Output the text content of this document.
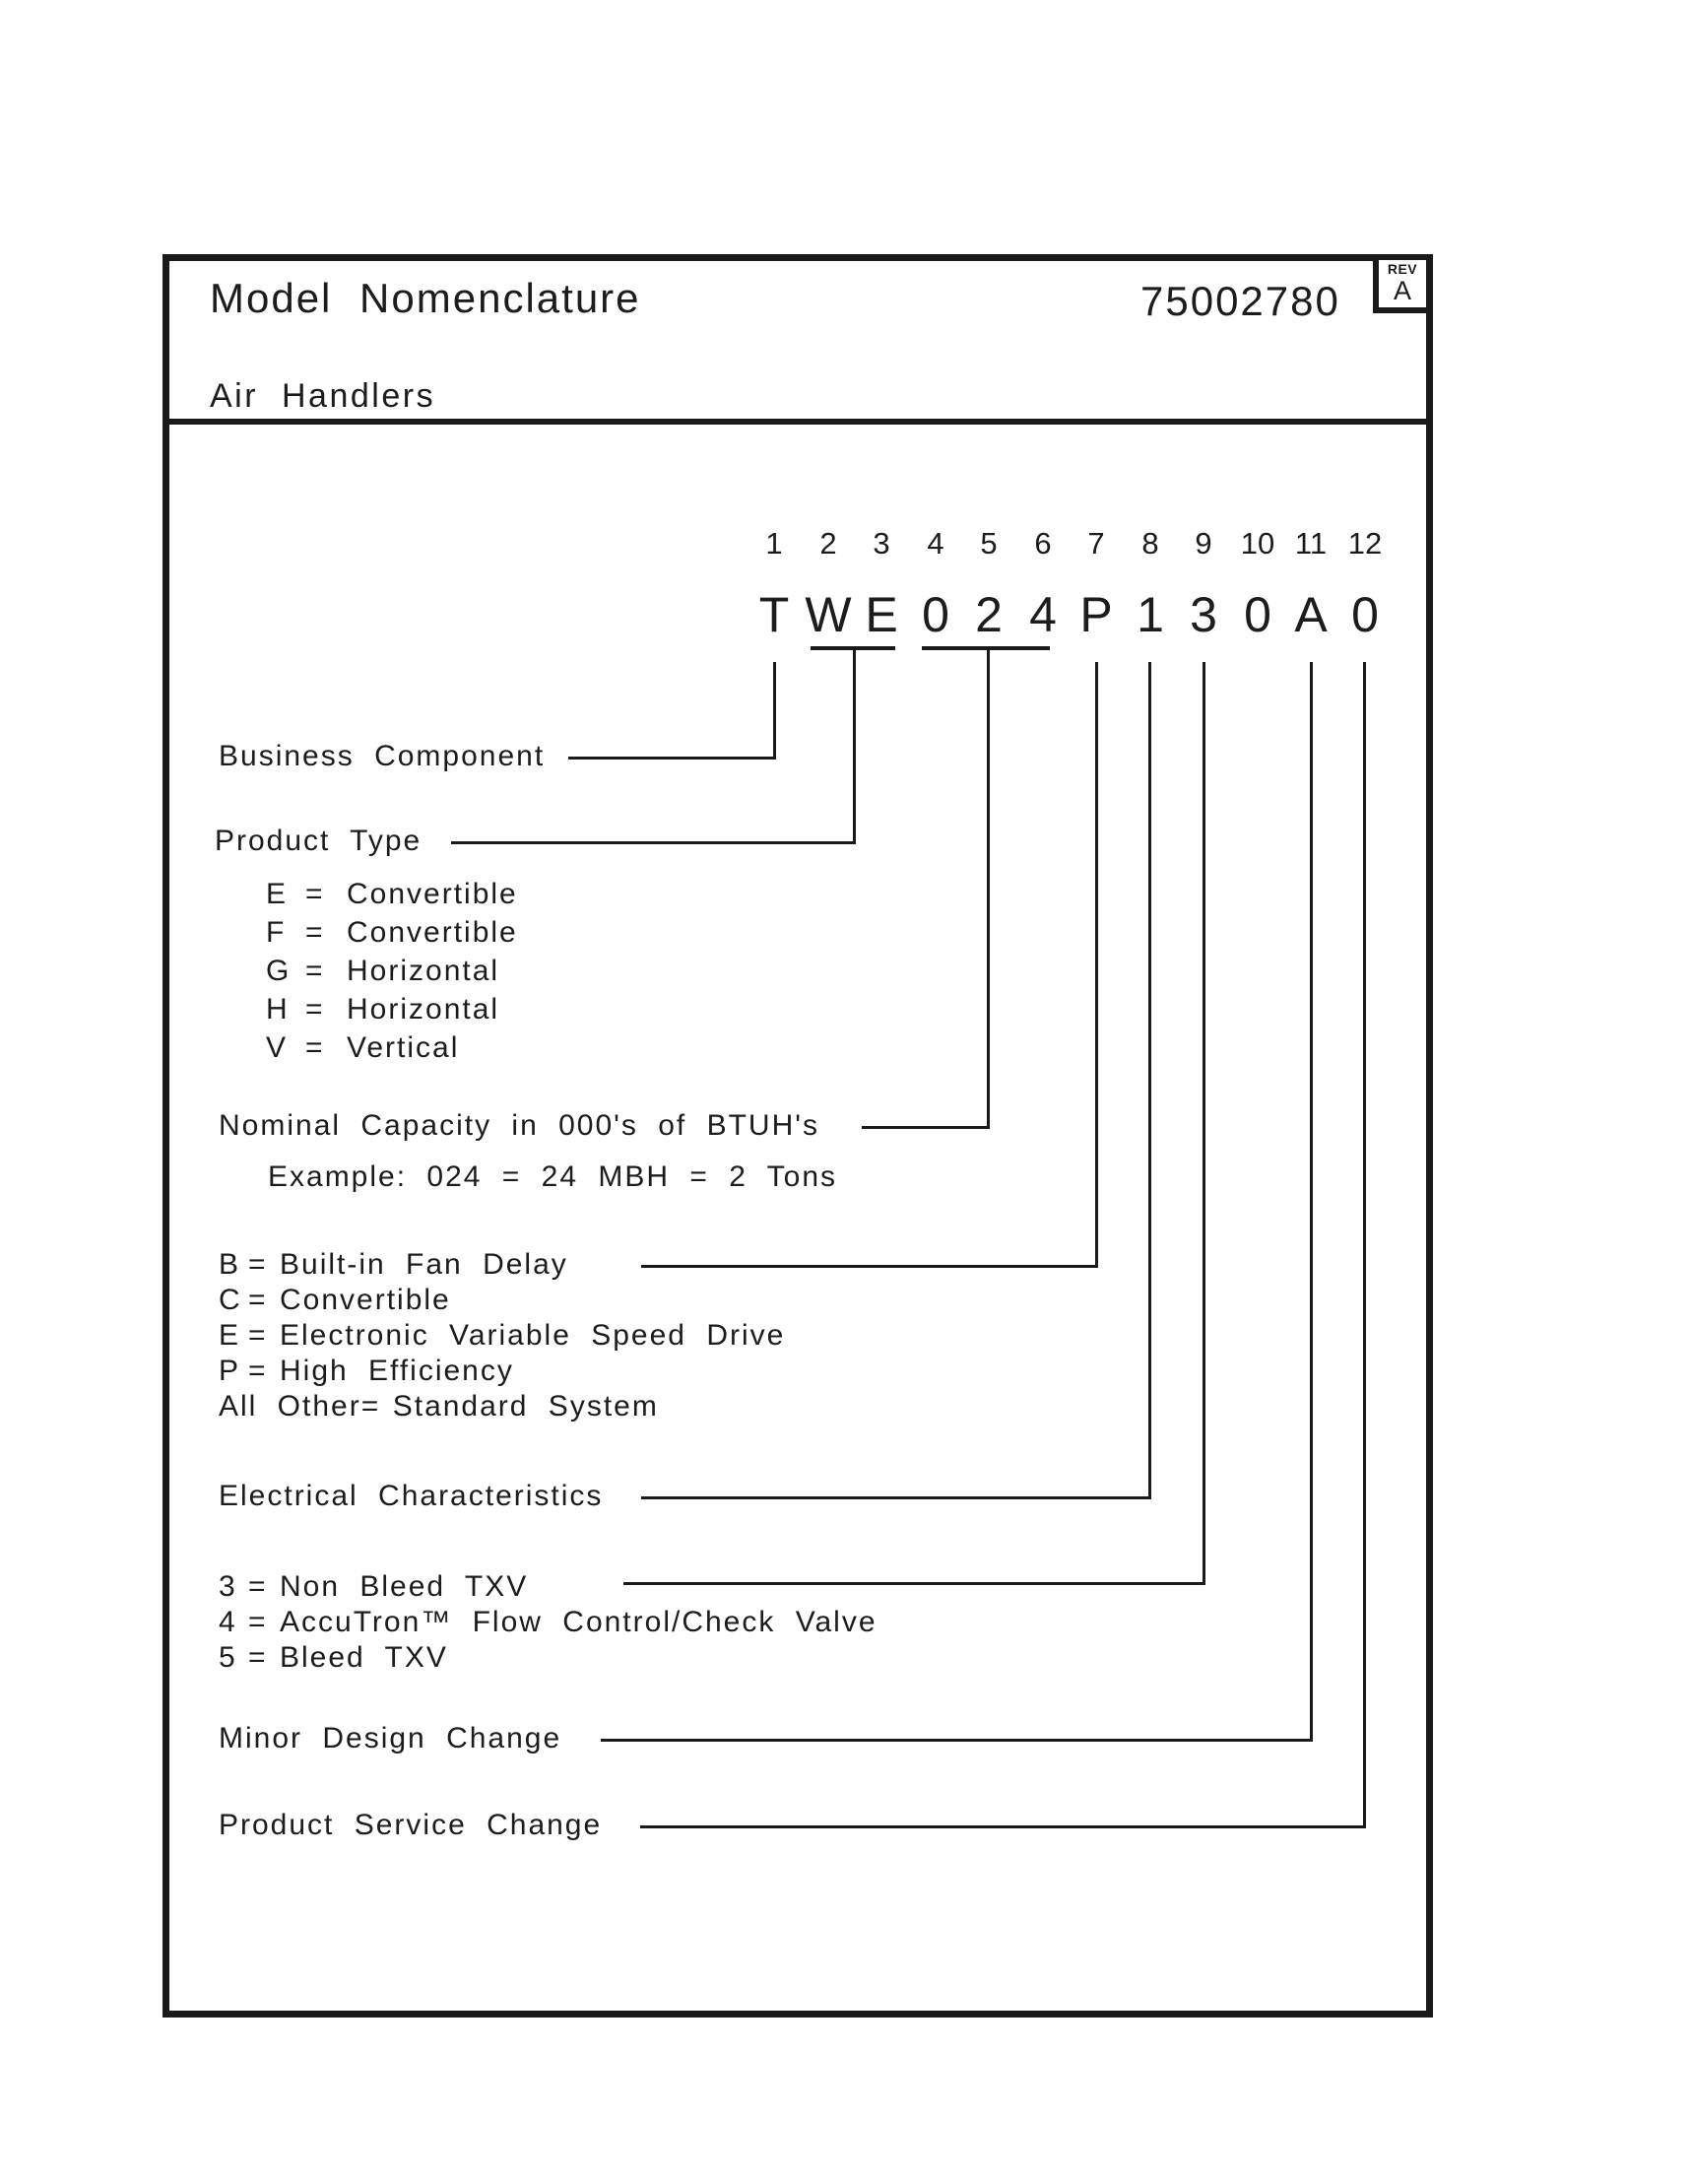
Model Nomenclature	75002780
REV
A
Air Handlers
1	2	3	4	5	6	7	8	9 10 11 12
T W E 0 2 4 P 1 3 0 A 0
Business Component
Product Type
Nominal Capacity in 000's of BTUH's
Example: 024 = 24 MBH = 2 Tons
Electrical Characteristics
Minor Design Change
Product Service Change
E = Convertible
F = Convertible
G = Horizontal
H = Horizontal
V = Vertical
B = Built-in Fan Delay
C = Convertible
E = Electronic Variable Speed Drive
P = High Efficiency
All Other = Standard System
3 = Non Bleed TXV
4 = AccuTron™ Flow Control/Check Valve
5 = Bleed TXV
